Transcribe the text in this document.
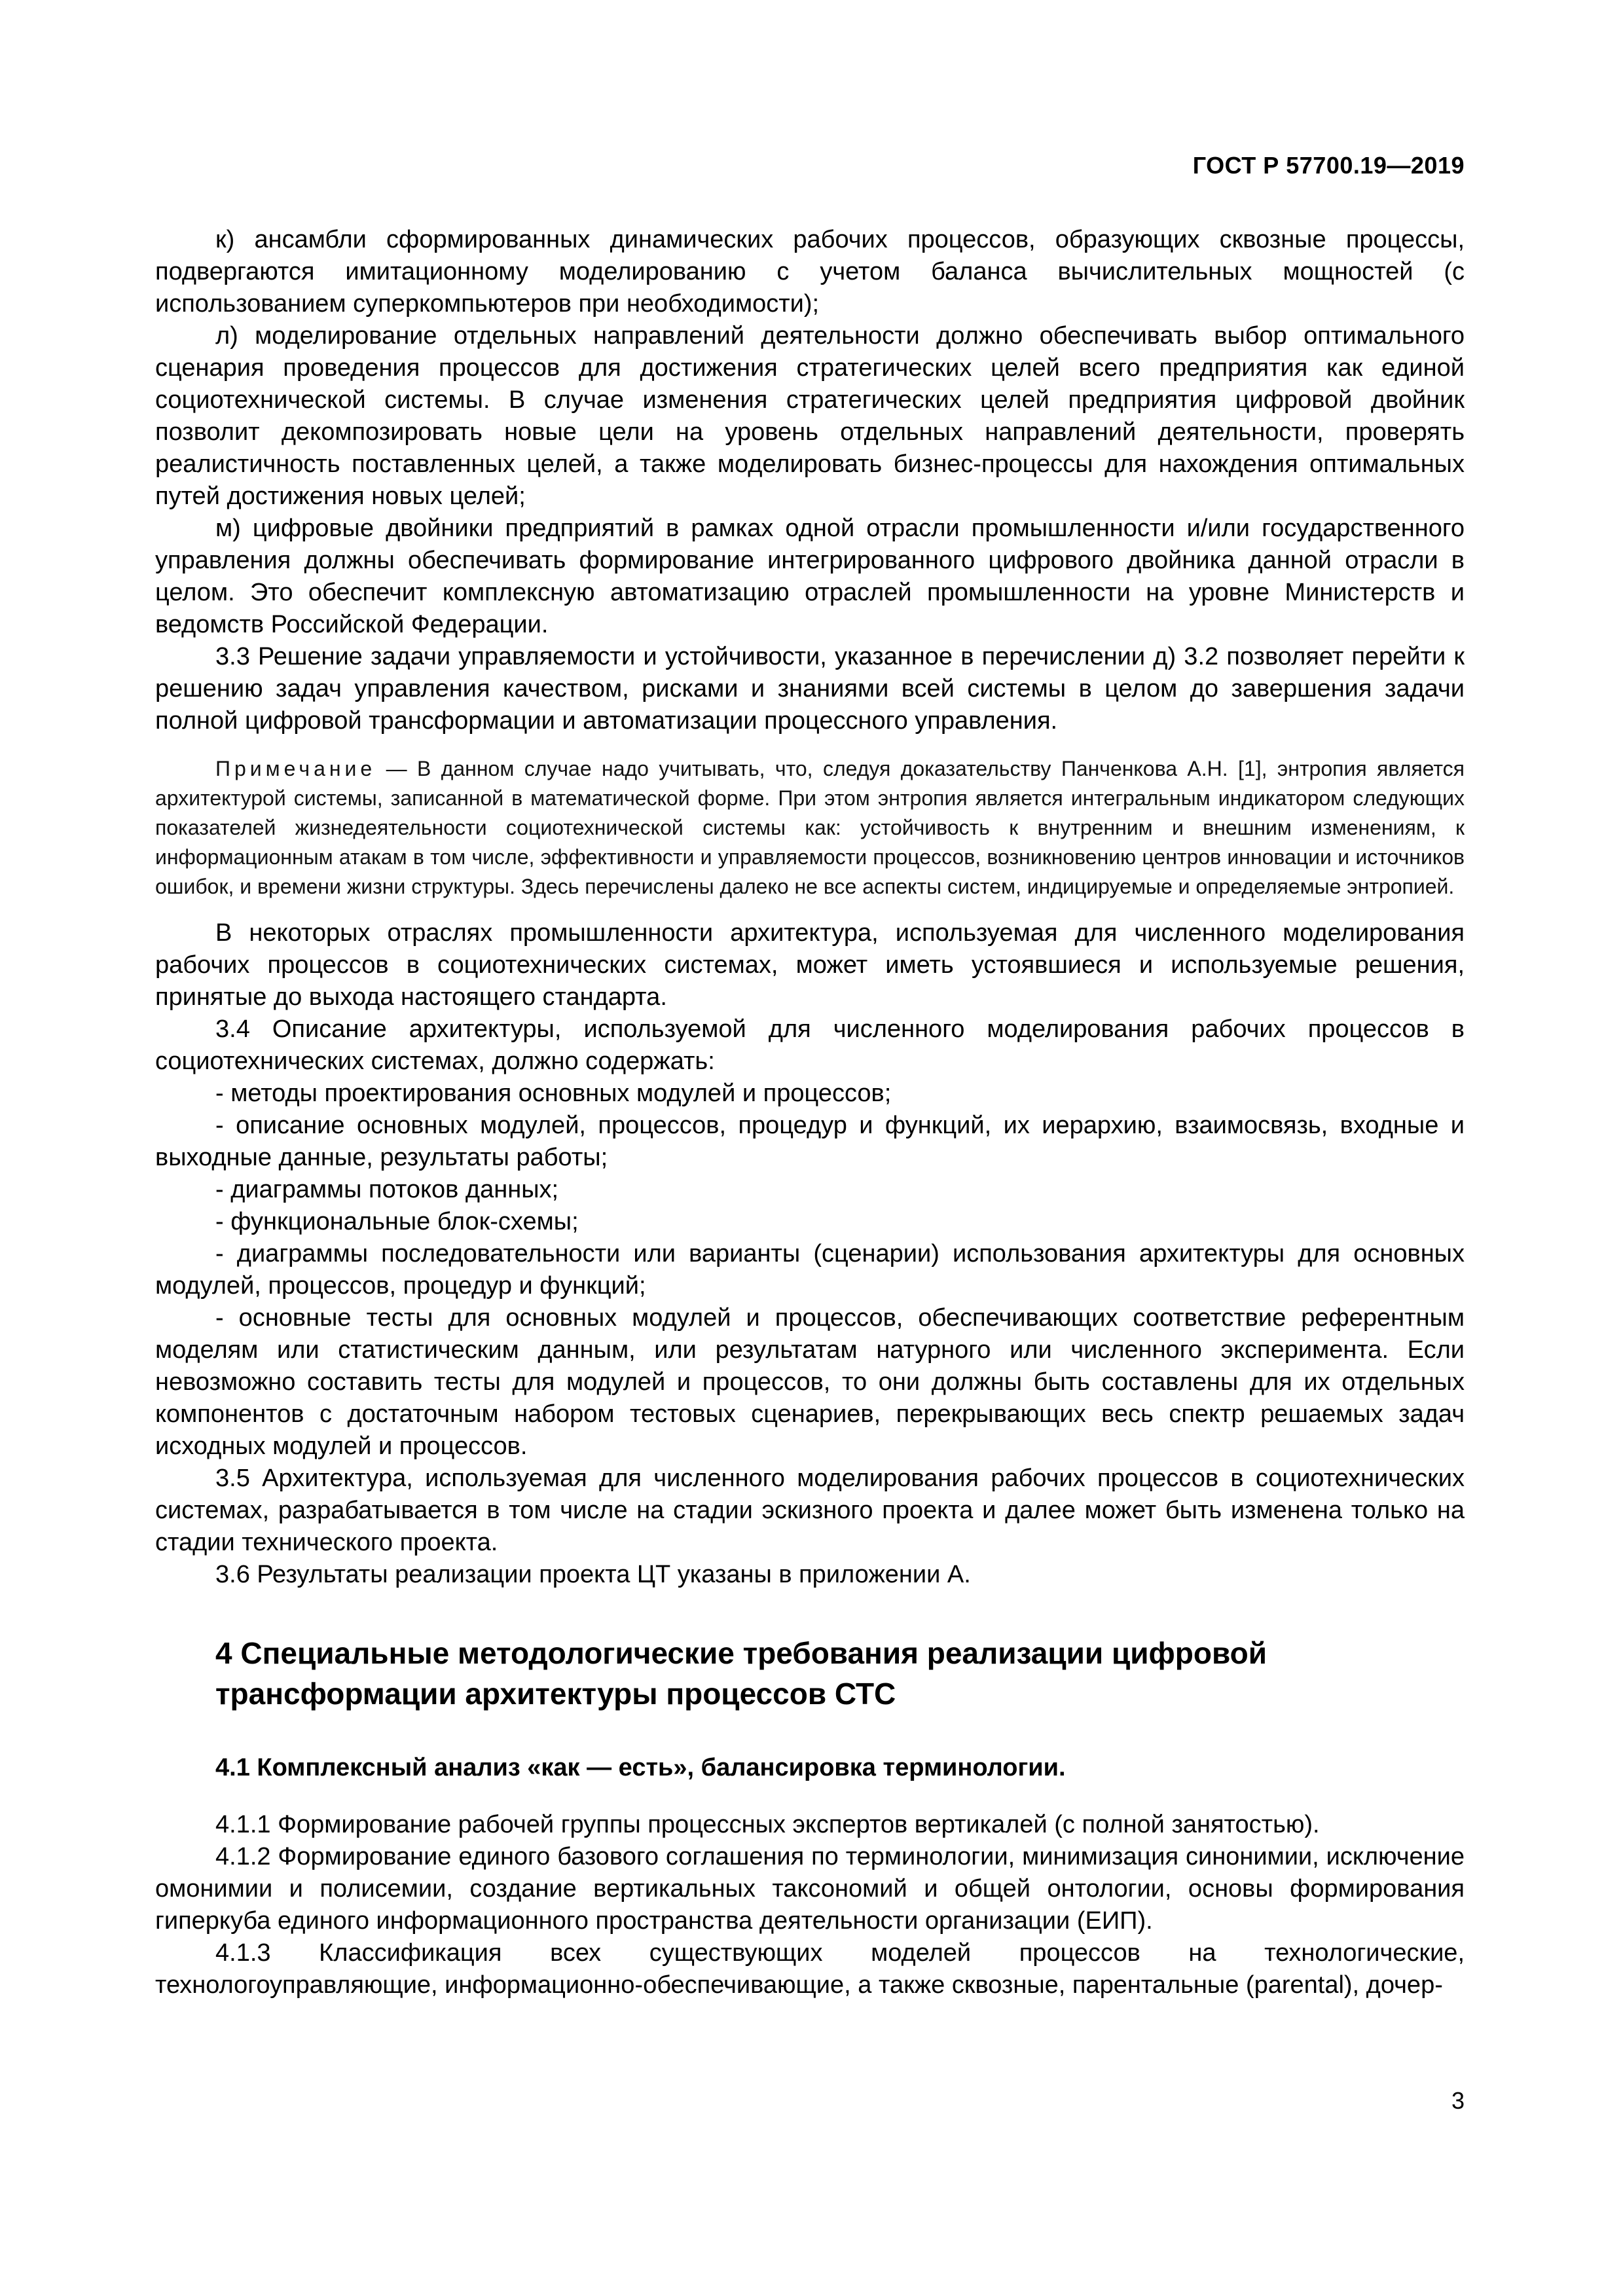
ГОСТ Р 57700.19—2019

к) ансамбли сформированных динамических рабочих процессов, образующих сквозные процессы, подвергаются имитационному моделированию с учетом баланса вычислительных мощностей (с использованием суперкомпьютеров при необходимости);

л) моделирование отдельных направлений деятельности должно обеспечивать выбор оптимального сценария проведения процессов для достижения стратегических целей всего предприятия как единой социотехнической системы. В случае изменения стратегических целей предприятия цифровой двойник позволит декомпозировать новые цели на уровень отдельных направлений деятельности, проверять реалистичность поставленных целей, а также моделировать бизнес-процессы для нахождения оптимальных путей достижения новых целей;

м) цифровые двойники предприятий в рамках одной отрасли промышленности и/или государственного управления должны обеспечивать формирование интегрированного цифрового двойника данной отрасли в целом. Это обеспечит комплексную автоматизацию отраслей промышленности на уровне Министерств и ведомств Российской Федерации.

3.3 Решение задачи управляемости и устойчивости, указанное в перечислении д) 3.2 позволяет перейти к решению задач управления качеством, рисками и знаниями всей системы в целом до завершения задачи полной цифровой трансформации и автоматизации процессного управления.

Примечание — В данном случае надо учитывать, что, следуя доказательству Панченкова А.Н. [1], энтропия является архитектурой системы, записанной в математической форме. При этом энтропия является интегральным индикатором следующих показателей жизнедеятельности социотехнической системы как: устойчивость к внутренним и внешним изменениям, к информационным атакам в том числе, эффективности и управляемости процессов, возникновению центров инновации и источников ошибок, и времени жизни структуры. Здесь перечислены далеко не все аспекты систем, индицируемые и определяемые энтропией.

В некоторых отраслях промышленности архитектура, используемая для численного моделирования рабочих процессов в социотехнических системах, может иметь устоявшиеся и используемые решения, принятые до выхода настоящего стандарта.

3.4 Описание архитектуры, используемой для численного моделирования рабочих процессов в социотехнических системах, должно содержать:

- методы проектирования основных модулей и процессов;

- описание основных модулей, процессов, процедур и функций, их иерархию, взаимосвязь, входные и выходные данные, результаты работы;

- диаграммы потоков данных;

- функциональные блок-схемы;

- диаграммы последовательности или варианты (сценарии) использования архитектуры для основных модулей, процессов, процедур и функций;

- основные тесты для основных модулей и процессов, обеспечивающих соответствие референтным моделям или статистическим данным, или результатам натурного или численного эксперимента. Если невозможно составить тесты для модулей и процессов, то они должны быть составлены для их отдельных компонентов с достаточным набором тестовых сценариев, перекрывающих весь спектр решаемых задач исходных модулей и процессов.

3.5 Архитектура, используемая для численного моделирования рабочих процессов в социотехнических системах, разрабатывается в том числе на стадии эскизного проекта и далее может быть изменена только на стадии технического проекта.

3.6 Результаты реализации проекта ЦТ указаны в приложении А.

4 Специальные методологические требования реализации цифровой
трансформации архитектуры процессов СТС
4.1 Комплексный анализ «как — есть», балансировка терминологии.

4.1.1 Формирование рабочей группы процессных экспертов вертикалей (с полной занятостью).

4.1.2 Формирование единого базового соглашения по терминологии, минимизация синонимии, исключение омонимии и полисемии, создание вертикальных таксономий и общей онтологии, основы формирования гиперкуба единого информационного пространства деятельности организации (ЕИП).

4.1.3 Классификация всех существующих моделей процессов на технологические, технологоуправляющие, информационно-обеспечивающие, а также сквозные, парентальные (parental), дочер-

3
